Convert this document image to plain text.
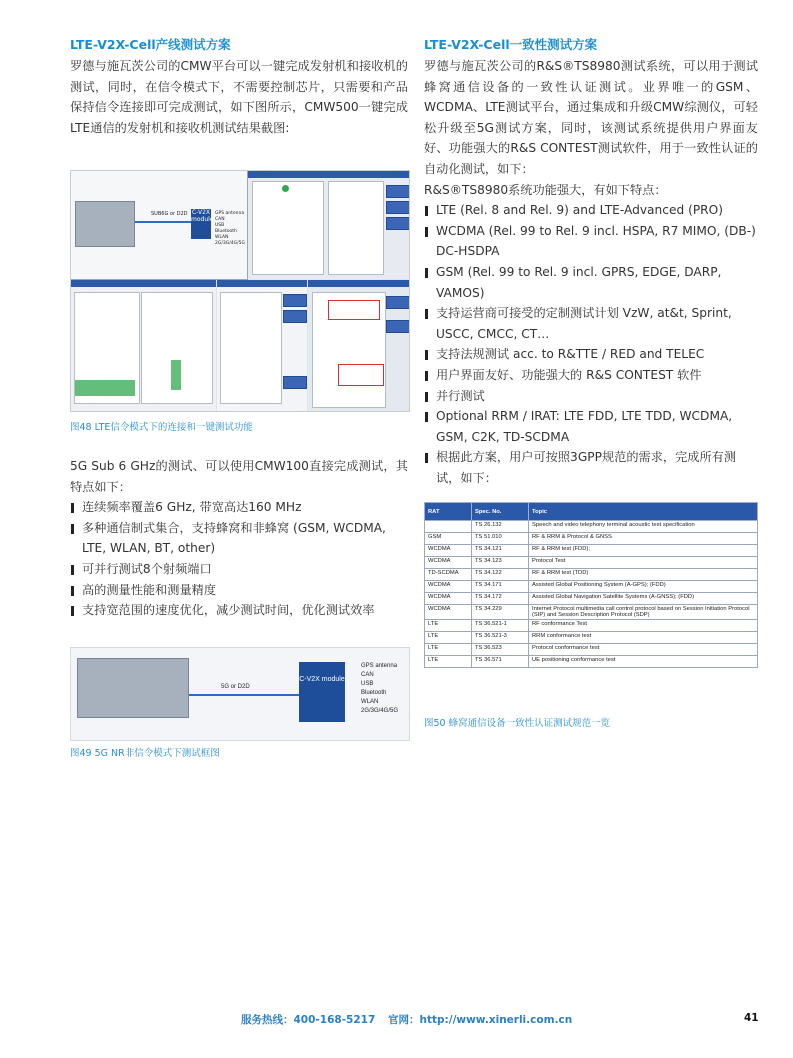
LTE-V2X-Cell产线测试方案

罗德与施瓦茨公司的CMW平台可以一键完成发射机和接收机的测试，同时，在信令模式下，不需要控制芯片，只需要和产品保持信令连接即可完成测试，如下图所示，CMW500一键完成LTE通信的发射机和接收机测试结果截图:

SUB6G or D2D C-V2X module
GPS antenna
CAN
USB
Bluetooth
WLAN
2G/3G/4G/5G
图48 LTE信令模式下的连接和一键测试功能

5G Sub 6 GHz的测试、可以使用CMW100直接完成测试，其特点如下：

连续频率覆盖6 GHz, 带宽高达160 MHz
多种通信制式集合，支持蜂窝和非蜂窝 (GSM, WCDMA, LTE, WLAN, BT, other)
可并行测试8个射频端口
高的测量性能和测量精度
支持宽范围的速度优化，减少测试时间，优化测试效率
5G or D2D
C-V2X module
GPS antenna
CAN
USB
Bluetooth
WLAN
2G/3G/4G/5G
图49 5G NR非信令模式下测试框图
LTE-V2X-Cell一致性测试方案

罗德与施瓦茨公司的R&S®TS8980测试系统，可以用于测试蜂窝通信设备的一致性认证测试。业界唯一的GSM、WCDMA、LTE测试平台，通过集成和升级CMW综测仪，可轻松升级至5G测试方案，同时，该测试系统提供用户界面友好、功能强大的R&S CONTEST测试软件，用于一致性认证的自动化测试，如下：

R&S®TS8980系统功能强大，有如下特点：

LTE (Rel. 8 and Rel. 9) and LTE-Advanced (PRO)
WCDMA (Rel. 99 to Rel. 9 incl. HSPA, R7 MIMO, (DB-) DC-HSDPA
GSM (Rel. 99 to Rel. 9 incl. GPRS, EDGE, DARP, VAMOS)
支持运营商可接受的定制测试计划 VzW, at&t, Sprint, USCC, CMCC, CT…
支持法规测试 acc. to R&TTE / RED and TELEC
用户界面友好、功能强大的 R&S CONTEST 软件
并行测试
Optional RRM / IRAT: LTE FDD, LTE TDD, WCDMA, GSM, C2K, TD-SCDMA
根据此方案，用户可按照3GPP规范的需求，完成所有测试，如下：
RAT	Spec. No.	Topic
	TS 26.132	Speech and video telephony terminal acoustic test specification
GSM	TS 51.010	RF & RRM & Protocol & GNSS
WCDMA	TS 34.121	RF & RRM test (FDD);
WCDMA	TS 34.123	Protocol Test
TD-SCDMA	TS 34.122	RF & RRM test (TDD)
WCDMA	TS 34.171	Assisted Global Positioning System (A-GPS); (FDD)
WCDMA	TS 34.172	Assisted Global Navigation Satellite Systems (A-GNSS); (FDD)
WCDMA	TS 34.229	Internet Protocol multimedia call control protocol based on Session Initiation Protocol (SIP) and Session Description Protocol (SDP)
LTE	TS 36.521-1	RF conformance Test
LTE	TS 36.521-3	RRM conformance test
LTE	TS 36.523	Protocol conformance test
LTE	TS 36.571	UE positioning conformance test
图50 蜂窝通信设备一致性认证测试规范一览
服务热线：400-168-5217 官网：http://www.xinerli.com.cn	41
